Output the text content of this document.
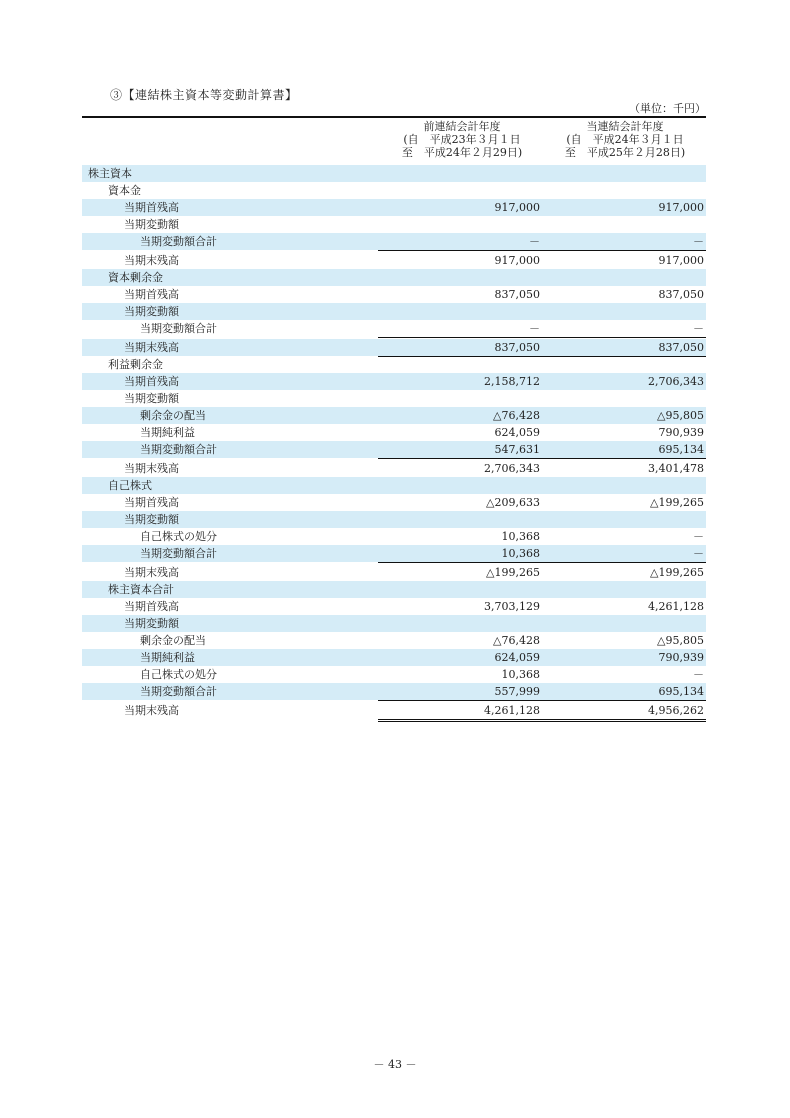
③【連結株主資本等変動計算書】
（単位：千円）
前連結会計年度
(自　平成23年３月１日
至　平成24年２月29日)
当連結会計年度
(自　平成24年３月１日
至　平成25年２月28日)
株主資本
資本金
当期首残高	917,000	917,000
当期変動額
当期変動額合計	－	－
当期末残高	917,000	917,000
資本剰余金
当期首残高	837,050	837,050
当期変動額
当期変動額合計	－	－
当期末残高	837,050	837,050
利益剰余金
当期首残高	2,158,712	2,706,343
当期変動額
剰余金の配当	△76,428	△95,805
当期純利益	624,059	790,939
当期変動額合計	547,631	695,134
当期末残高	2,706,343	3,401,478
自己株式
当期首残高	△209,633	△199,265
当期変動額
自己株式の処分	10,368	－
当期変動額合計	10,368	－
当期末残高	△199,265	△199,265
株主資本合計
当期首残高	3,703,129	4,261,128
当期変動額
剰余金の配当	△76,428	△95,805
当期純利益	624,059	790,939
自己株式の処分	10,368	－
当期変動額合計	557,999	695,134
当期末残高	4,261,128	4,956,262
－ 43 －
